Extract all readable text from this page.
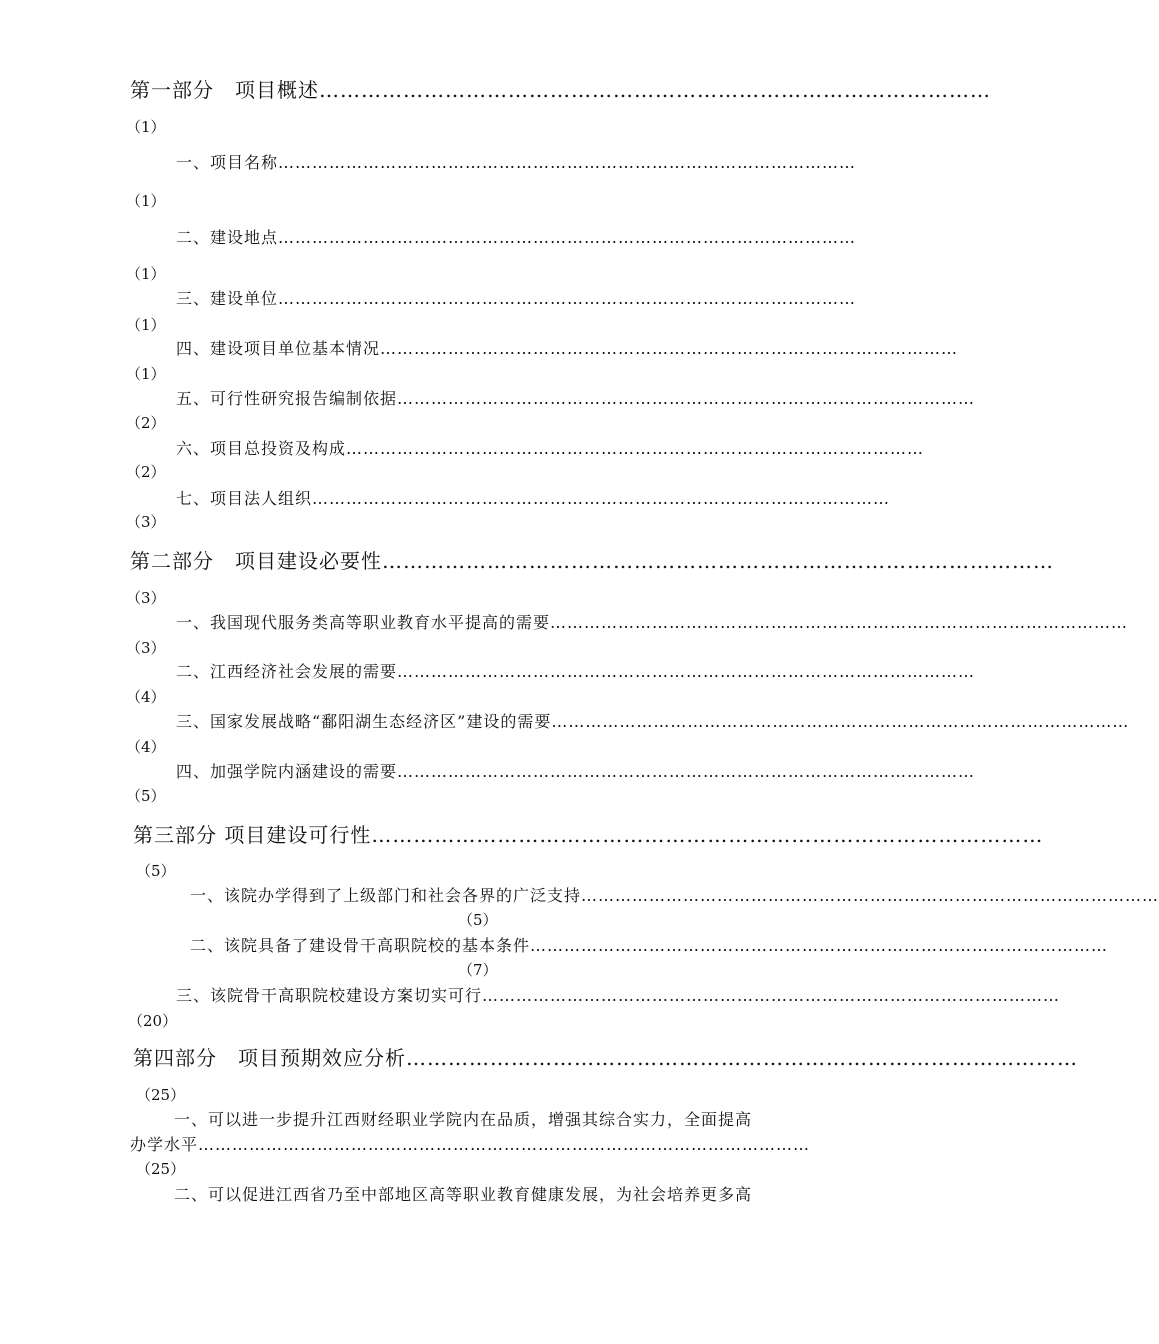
第一部分　项目概述……………………………………………………………………………………
（1）
一、项目名称…………………………………………………………………………………………
（1）
二、建设地点…………………………………………………………………………………………
（1）
三、建设单位…………………………………………………………………………………………
（1）
四、建设项目单位基本情况…………………………………………………………………………………………
（1）
五、可行性研究报告编制依据…………………………………………………………………………………………
（2）
六、项目总投资及构成…………………………………………………………………………………………
（2）
七、项目法人组织…………………………………………………………………………………………
（3）
第二部分　项目建设必要性……………………………………………………………………………………
（3）
一、我国现代服务类高等职业教育水平提高的需要…………………………………………………………………………………………
（3）
二、江西经济社会发展的需要…………………………………………………………………………………………
（4）
三、国家发展战略“鄱阳湖生态经济区”建设的需要…………………………………………………………………………………………
（4）
四、加强学院内涵建设的需要…………………………………………………………………………………………
（5）
第三部分 项目建设可行性……………………………………………………………………………………
（5）
一、该院办学得到了上级部门和社会各界的广泛支持…………………………………………………………………………………………
（5）
二、该院具备了建设骨干高职院校的基本条件…………………………………………………………………………………………
（7）
三、该院骨干高职院校建设方案切实可行…………………………………………………………………………………………
（20）
第四部分　项目预期效应分析……………………………………………………………………………………
（25）
一、可以进一步提升江西财经职业学院内在品质，增强其综合实力，全面提高
办学水平………………………………………………………………………………………………
（25）
二、可以促进江西省乃至中部地区高等职业教育健康发展，为社会培养更多高
